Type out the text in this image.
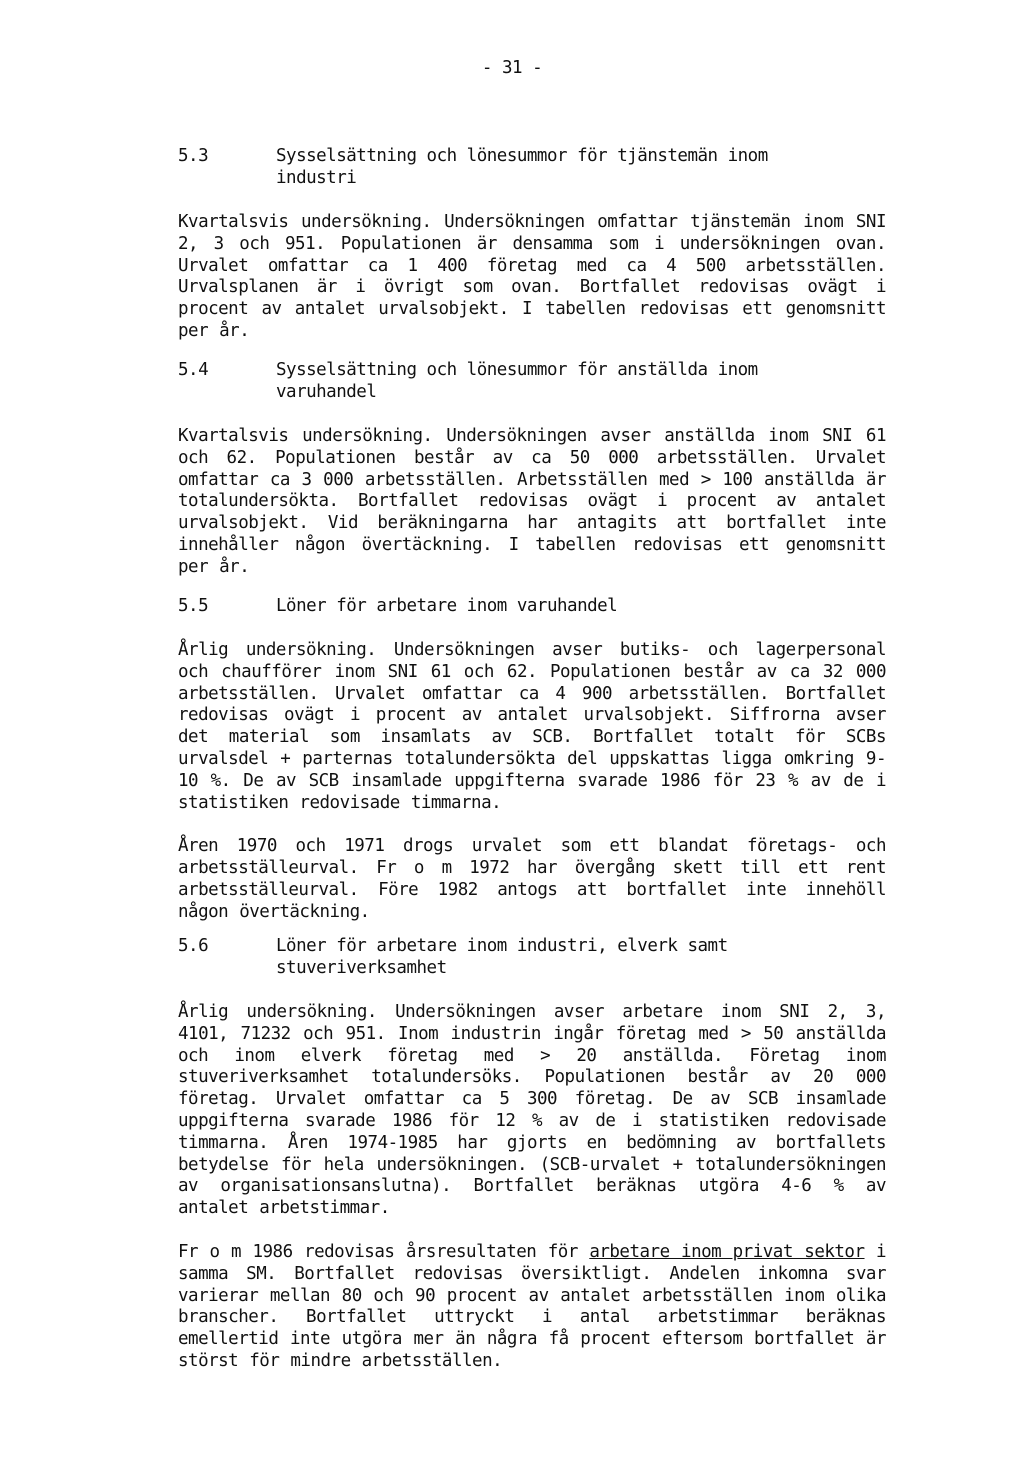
- 31 -
5.3	Sysselsättning och lönesummor för tjänstemän inom
industri

Kvartalsvis undersökning. Undersökningen omfattar tjänstemän inom SNI 2, 3 och 951. Populationen är densamma som i undersökningen ovan. Urvalet omfattar ca 1 400 företag med ca 4 500 arbetsställen. Urvalsplanen är i övrigt som ovan. Bortfallet redovisas ovägt i procent av antalet urvalsobjekt. I tabellen redovisas ett genomsnitt per år.

5.4	Sysselsättning och lönesummor för anställda inom
varuhandel

Kvartalsvis undersökning. Undersökningen avser anställda inom SNI 61 och 62. Populationen består av ca 50 000 arbetsställen. Urvalet omfattar ca 3 000 arbetsställen. Arbetsställen med > 100 anställda är totalundersökta. Bortfallet redovisas ovägt i procent av antalet urvalsobjekt. Vid beräkningarna har antagits att bortfallet inte innehåller någon övertäckning. I tabellen redovisas ett genomsnitt per år.

5.5	Löner för arbetare inom varuhandel

Årlig undersökning. Undersökningen avser butiks- och lagerpersonal och chaufförer inom SNI 61 och 62. Populationen består av ca 32 000 arbetsställen. Urvalet omfattar ca 4 900 arbetsställen. Bortfallet redovisas ovägt i procent av antalet urvalsobjekt. Siffrorna avser det material som insamlats av SCB. Bortfallet totalt för SCBs urvalsdel + parternas totalundersökta del uppskattas ligga omkring 9-10 %. De av SCB insamlade uppgifterna svarade 1986 för 23 % av de i statistiken redovisade timmarna.

Åren 1970 och 1971 drogs urvalet som ett blandat företags- och arbetsställeurval. Fr o m 1972 har övergång skett till ett rent arbetsställeurval. Före 1982 antogs att bortfallet inte innehöll någon övertäckning.

5.6	Löner för arbetare inom industri, elverk samt
stuveriverksamhet

Årlig undersökning. Undersökningen avser arbetare inom SNI 2, 3, 4101, 71232 och 951. Inom industrin ingår företag med > 50 anställda och inom elverk företag med > 20 anställda. Företag inom stuveriverksamhet totalundersöks. Populationen består av 20 000 företag. Urvalet omfattar ca 5 300 företag. De av SCB insamlade uppgifterna svarade 1986 för 12 % av de i statistiken redovisade timmarna. Åren 1974-1985 har gjorts en bedömning av bortfallets betydelse för hela undersökningen. (SCB-urvalet + totalundersökningen av organisationsanslutna). Bortfallet beräknas utgöra 4-6 % av antalet arbetstimmar.

Fr o m 1986 redovisas årsresultaten för arbetare inom privat sektor i samma SM. Bortfallet redovisas översiktligt. Andelen inkomna svar varierar mellan 80 och 90 procent av antalet arbetsställen inom olika branscher. Bortfallet uttryckt i antal arbetstimmar beräknas emellertid inte utgöra mer än några få procent eftersom bortfallet är störst för mindre arbetsställen.
